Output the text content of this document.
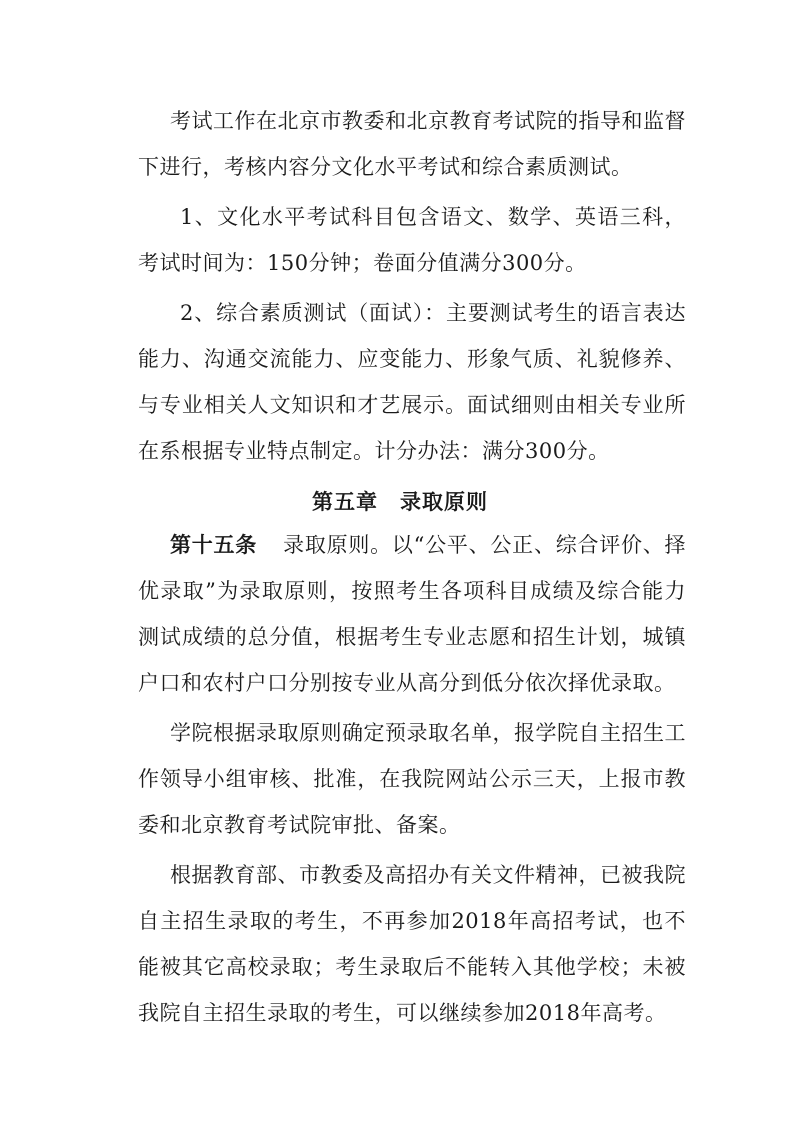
考试工作在北京市教委和北京教育考试院的指导和监督下进行，考核内容分文化水平考试和综合素质测试。

1、文化水平考试科目包含语文、数学、英语三科，考试时间为：150分钟；卷面分值满分300分。

2、综合素质测试（面试）：主要测试考生的语言表达能力、沟通交流能力、应变能力、形象气质、礼貌修养、与专业相关人文知识和才艺展示。面试细则由相关专业所在系根据专业特点制定。计分办法：满分300分。

第五章 录取原则

第十五条 录取原则。以“公平、公正、综合评价、择优录取”为录取原则，按照考生各项科目成绩及综合能力测试成绩的总分值，根据考生专业志愿和招生计划，城镇户口和农村户口分别按专业从高分到低分依次择优录取。

学院根据录取原则确定预录取名单，报学院自主招生工作领导小组审核、批准，在我院网站公示三天，上报市教委和北京教育考试院审批、备案。

根据教育部、市教委及高招办有关文件精神，已被我院自主招生录取的考生，不再参加2018年高招考试，也不能被其它高校录取；考生录取后不能转入其他学校；未被我院自主招生录取的考生，可以继续参加2018年高考。
